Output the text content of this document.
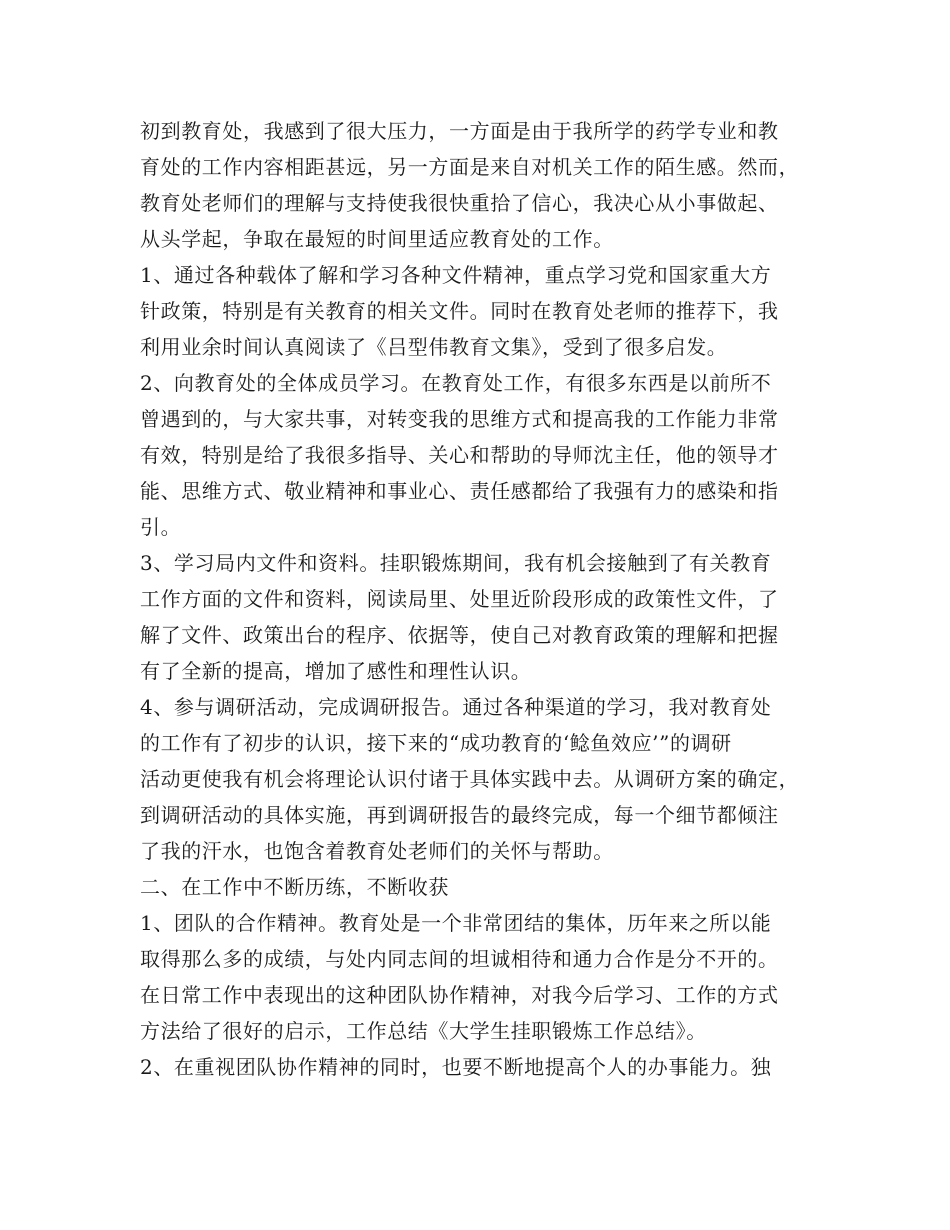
初到教育处，我感到了很大压力，一方面是由于我所学的药学专业和教
育处的工作内容相距甚远，另一方面是来自对机关工作的陌生感。然而，
教育处老师们的理解与支持使我很快重拾了信心，我决心从小事做起、
从头学起，争取在最短的时间里适应教育处的工作。
1、通过各种载体了解和学习各种文件精神，重点学习党和国家重大方
针政策，特别是有关教育的相关文件。同时在教育处老师的推荐下，我
利用业余时间认真阅读了《吕型伟教育文集》，受到了很多启发。
2、向教育处的全体成员学习。在教育处工作，有很多东西是以前所不
曾遇到的，与大家共事，对转变我的思维方式和提高我的工作能力非常
有效，特别是给了我很多指导、关心和帮助的导师沈主任，他的领导才
能、思维方式、敬业精神和事业心、责任感都给了我强有力的感染和指
引。
3、学习局内文件和资料。挂职锻炼期间，我有机会接触到了有关教育
工作方面的文件和资料，阅读局里、处里近阶段形成的政策性文件，了
解了文件、政策出台的程序、依据等，使自己对教育政策的理解和把握
有了全新的提高，增加了感性和理性认识。
4、参与调研活动，完成调研报告。通过各种渠道的学习，我对教育处
的工作有了初步的认识，接下来的“成功教育的‘鲶鱼效应’”的调研
活动更使我有机会将理论认识付诸于具体实践中去。从调研方案的确定，
到调研活动的具体实施，再到调研报告的最终完成，每一个细节都倾注
了我的汗水，也饱含着教育处老师们的关怀与帮助。
二、在工作中不断历练，不断收获
1、团队的合作精神。教育处是一个非常团结的集体，历年来之所以能
取得那么多的成绩，与处内同志间的坦诚相待和通力合作是分不开的。
在日常工作中表现出的这种团队协作精神，对我今后学习、工作的方式
方法给了很好的启示，工作总结《大学生挂职锻炼工作总结》。
2、在重视团队协作精神的同时，也要不断地提高个人的办事能力。独
